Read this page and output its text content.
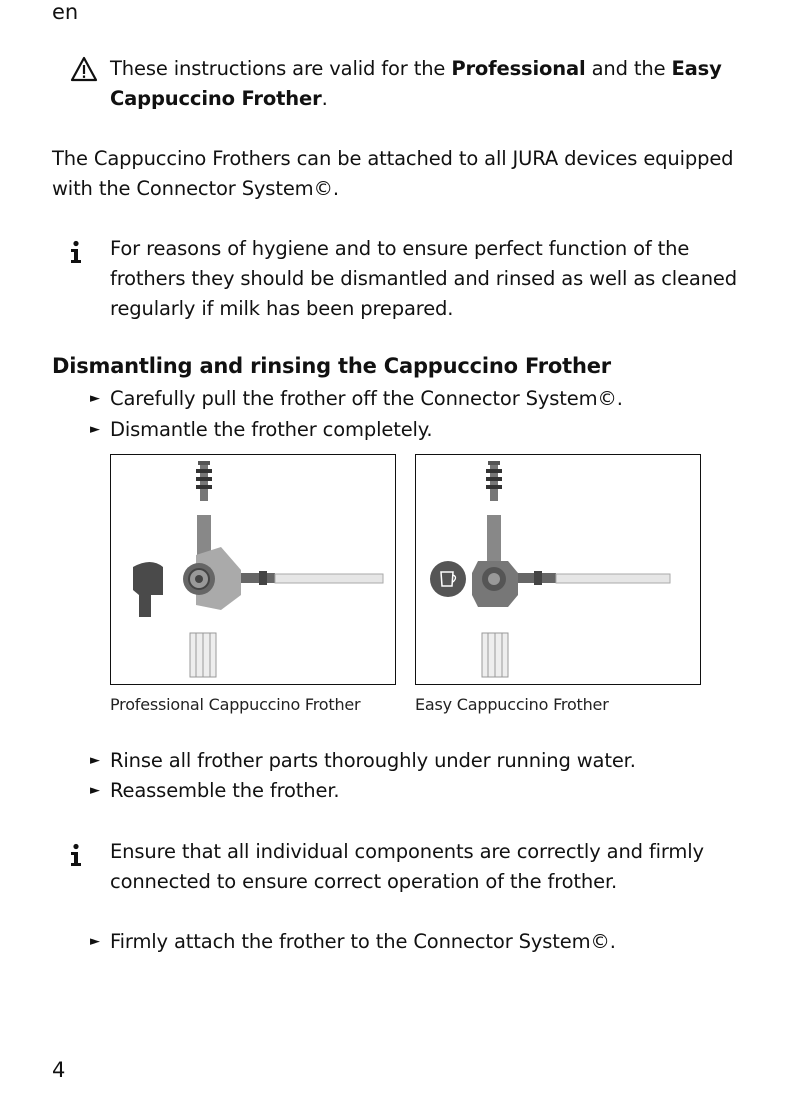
en
These instructions are valid for the Professional and the Easy Cappuccino Frother.
The Cappuccino Frothers can be attached to all JURA devices equipped with the Connector System©.
For reasons of hygiene and to ensure perfect function of the frothers they should be dismantled and rinsed as well as cleaned regularly if milk has been prepared.
Dismantling and rinsing the Cappuccino Frother
► Carefully pull the frother off the Connector System©.
► Dismantle the frother completely.
Professional Cappuccino Frother	Easy Cappuccino Frother
► Rinse all frother parts thoroughly under running water.
► Reassemble the frother.
Ensure that all individual components are correctly and firmly connected to ensure correct operation of the frother.
► Firmly attach the frother to the Connector System©.
4
